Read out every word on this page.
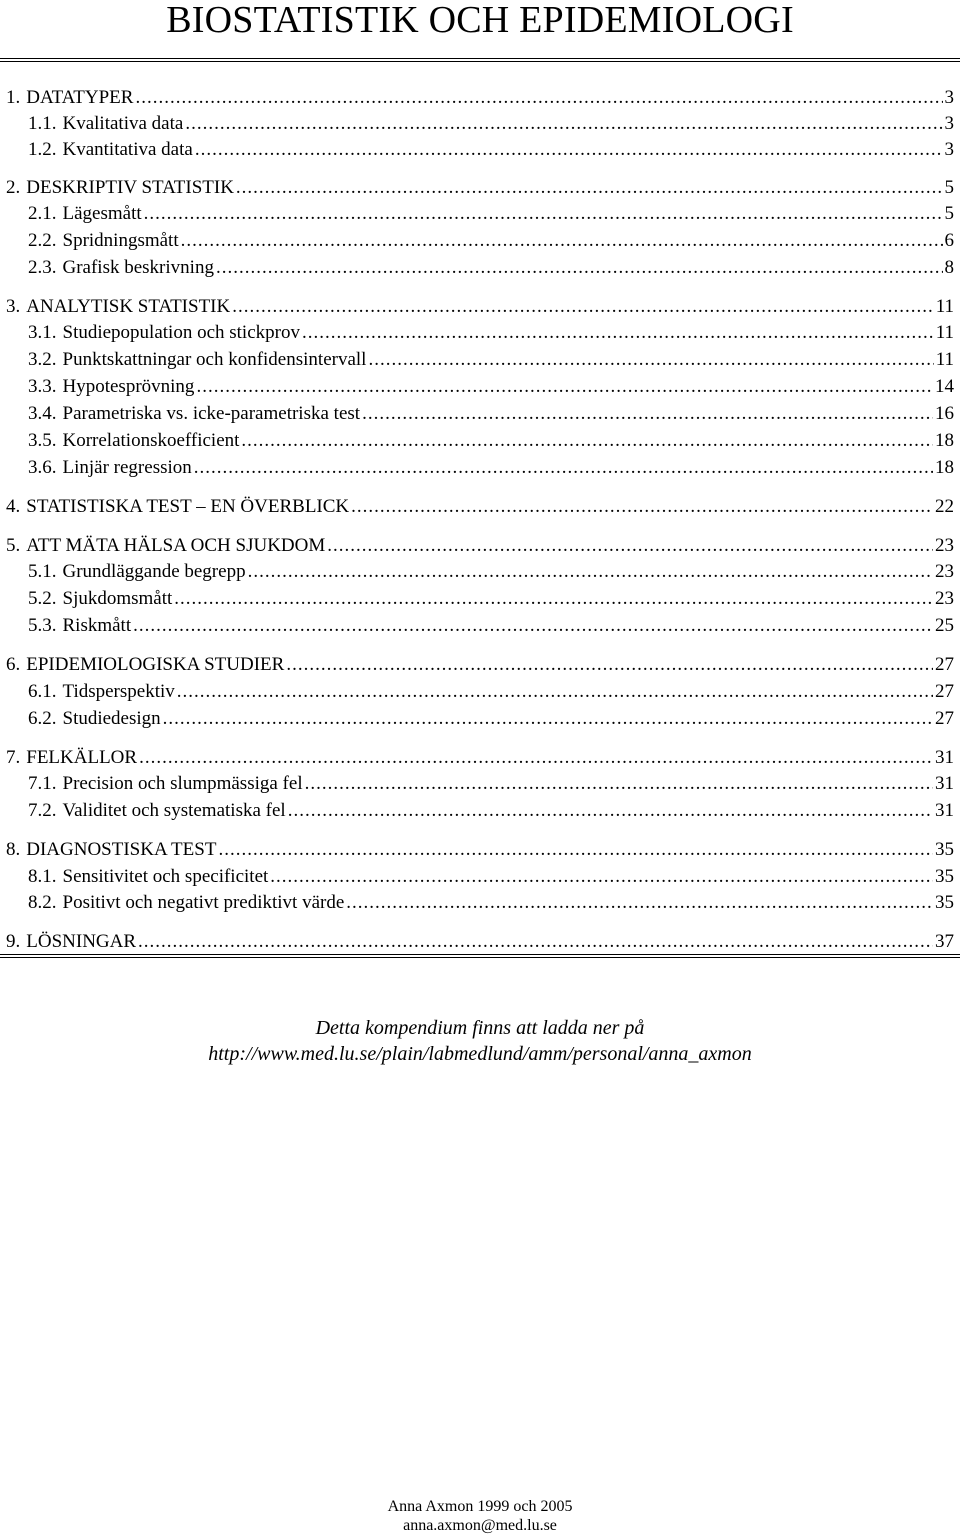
BIOSTATISTIK OCH EPIDEMIOLOGI
1. DATATYPER .....	3
1.1. Kvalitativa data .....	3
1.2. Kvantitativa data .....	3
2. DESKRIPTIV STATISTIK .....	5
2.1. Lägesmått .....	5
2.2. Spridningsmått .....	6
2.3. Grafisk beskrivning .....	8
3. ANALYTISK STATISTIK .....	11
3.1. Studiepopulation och stickprov .....	11
3.2. Punktskattningar och konfidensintervall .....	11
3.3. Hypotesprövning .....	14
3.4. Parametriska vs. icke-parametriska test .....	16
3.5. Korrelationskoefficient .....	18
3.6. Linjär regression .....	18
4. STATISTISKA TEST – EN ÖVERBLICK .....	22
5. ATT MÄTA HÄLSA OCH SJUKDOM .....	23
5.1. Grundläggande begrepp .....	23
5.2. Sjukdomsmått .....	23
5.3. Riskmått .....	25
6. EPIDEMIOLOGISKA STUDIER .....	27
6.1. Tidsperspektiv .....	27
6.2. Studiedesign .....	27
7. FELKÄLLOR .....	31
7.1. Precision och slumpmässiga fel .....	31
7.2. Validitet och systematiska fel .....	31
8. DIAGNOSTISKA TEST .....	35
8.1. Sensitivitet och specificitet .....	35
8.2. Positivt och negativt prediktivt värde .....	35
9. LÖSNINGAR .....	37
Detta kompendium finns att ladda ner på
http://www.med.lu.se/plain/labmedlund/amm/personal/anna_axmon
Anna Axmon 1999 och 2005
anna.axmon@med.lu.se
